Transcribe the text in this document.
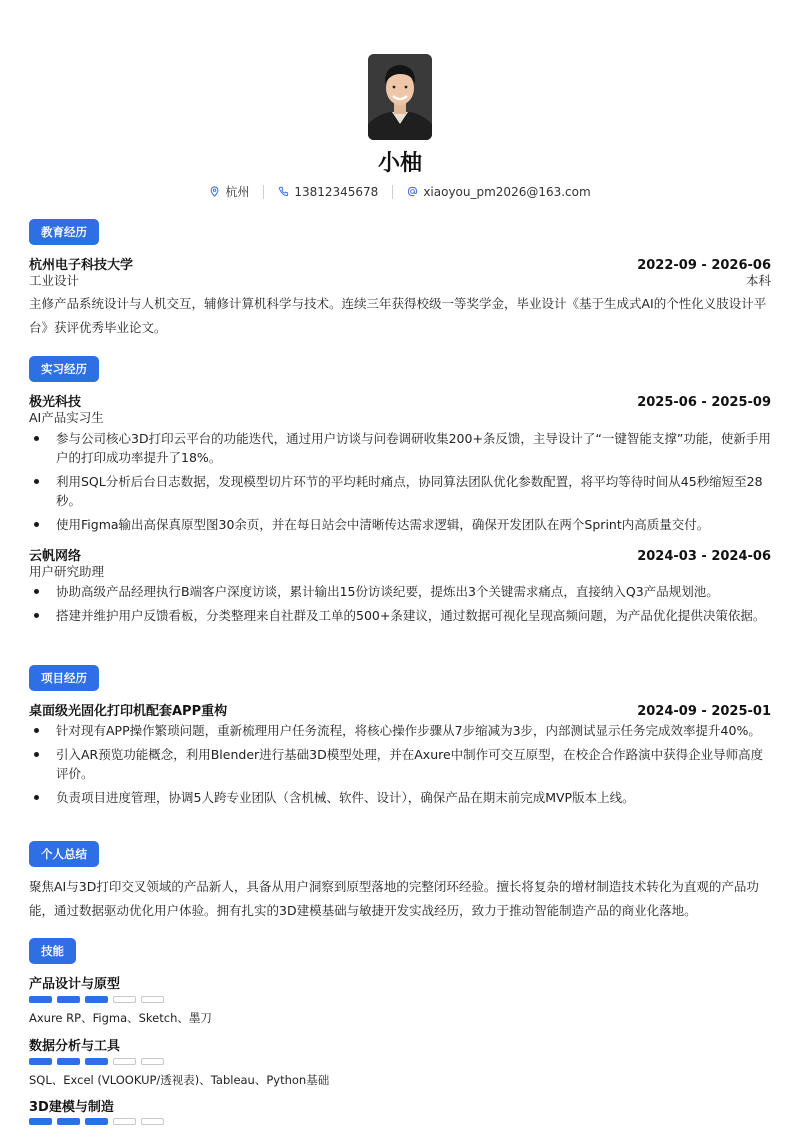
小柚
杭州	13812345678	xiaoyou_pm2026@163.com
教育经历
杭州电子科技大学	2022-09 - 2026-06
工业设计	本科
主修产品系统设计与人机交互，辅修计算机科学与技术。连续三年获得校级一等奖学金，毕业设计《基于生成式AI的个性化义肢设计平台》获评优秀毕业论文。
实习经历
极光科技	2025-06 - 2025-09
AI产品实习生
参与公司核心3D打印云平台的功能迭代，通过用户访谈与问卷调研收集200+条反馈，主导设计了“一键智能支撑”功能，使新手用户的打印成功率提升了18%。
利用SQL分析后台日志数据，发现模型切片环节的平均耗时痛点，协同算法团队优化参数配置，将平均等待时间从45秒缩短至28秒。
使用Figma输出高保真原型图30余页，并在每日站会中清晰传达需求逻辑，确保开发团队在两个Sprint内高质量交付。
云帆网络	2024-03 - 2024-06
用户研究助理
协助高级产品经理执行B端客户深度访谈，累计输出15份访谈纪要，提炼出3个关键需求痛点，直接纳入Q3产品规划池。
搭建并维护用户反馈看板，分类整理来自社群及工单的500+条建议，通过数据可视化呈现高频问题，为产品优化提供决策依据。
项目经历
桌面级光固化打印机配套APP重构	2024-09 - 2025-01
针对现有APP操作繁琐问题，重新梳理用户任务流程，将核心操作步骤从7步缩减为3步，内部测试显示任务完成效率提升40%。
引入AR预览功能概念，利用Blender进行基础3D模型处理，并在Axure中制作可交互原型，在校企合作路演中获得企业导师高度评价。
负责项目进度管理，协调5人跨专业团队（含机械、软件、设计），确保产品在期末前完成MVP版本上线。
个人总结
聚焦AI与3D打印交叉领域的产品新人，具备从用户洞察到原型落地的完整闭环经验。擅长将复杂的增材制造技术转化为直观的产品功能，通过数据驱动优化用户体验。拥有扎实的3D建模基础与敏捷开发实战经历，致力于推动智能制造产品的商业化落地。
技能
产品设计与原型
Axure RP、Figma、Sketch、墨刀
数据分析与工具
SQL、Excel (VLOOKUP/透视表)、Tableau、Python基础
3D建模与制造
